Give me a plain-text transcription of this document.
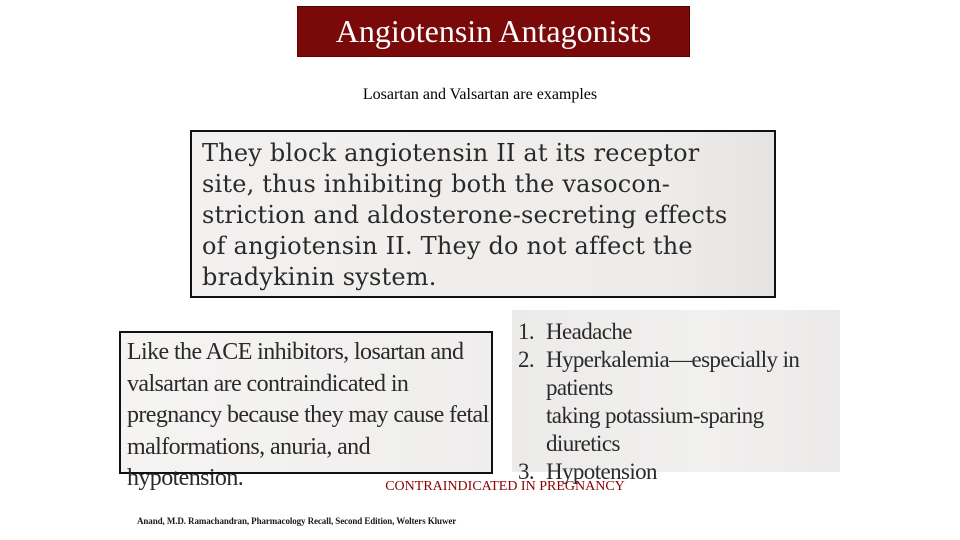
Angiotensin Antagonists
Losartan and Valsartan are examples
They block angiotensin II at its receptor
site, thus inhibiting both the vasocon-
striction and aldosterone-secreting effects
of angiotensin II. They do not affect the
bradykinin system.
Like the ACE inhibitors, losartan and
valsartan are contraindicated in
pregnancy because they may cause fetal
malformations, anuria, and hypotension.
1. Headache
2. Hyperkalemia—especially in patients
taking potassium-sparing diuretics
3. Hypotension
CONTRAINDICATED IN PREGNANCY
Anand, M.D. Ramachandran, Pharmacology Recall, Second Edition, Wolters Kluwer
